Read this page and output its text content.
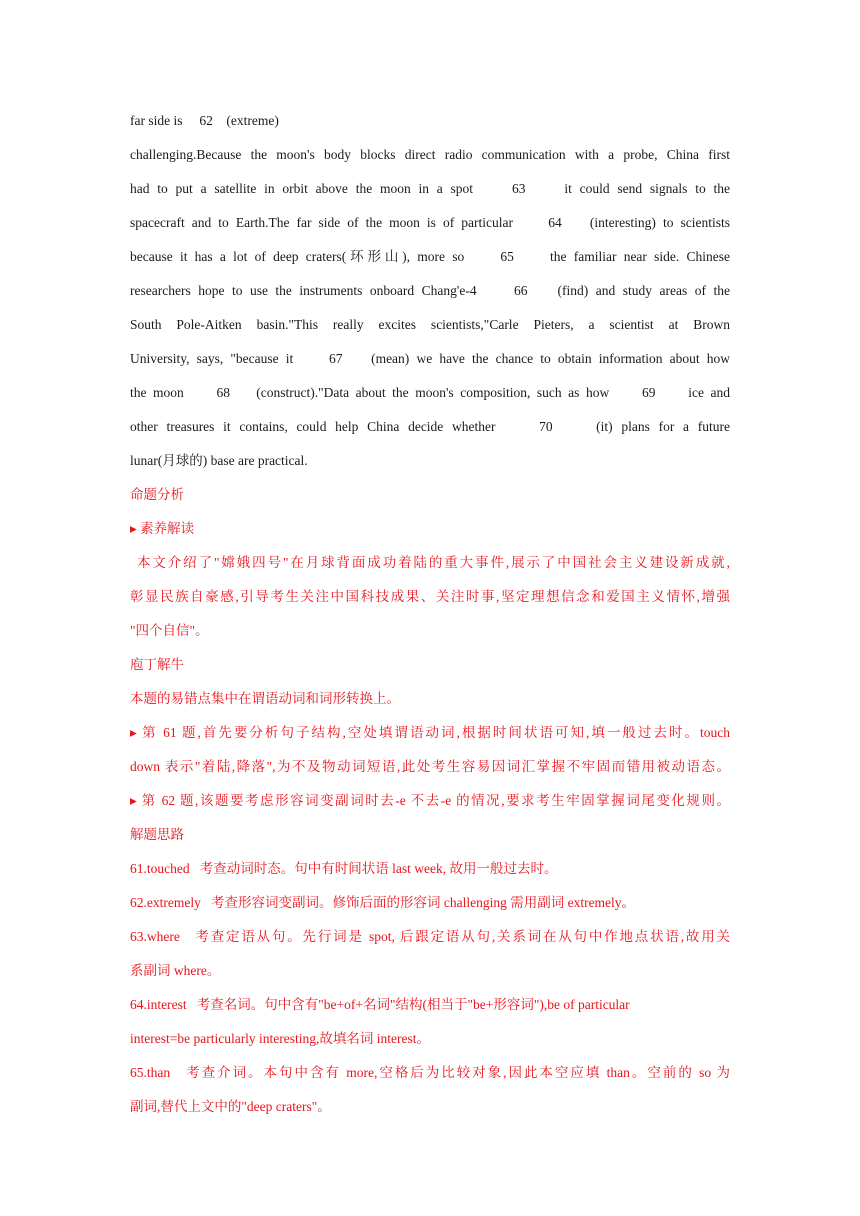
far side is     62    (extreme)
challenging.Because the moon's body blocks direct radio communication with a probe, China first
had to put a satellite in orbit above the moon in a spot     63     it could send signals to the
spacecraft and to Earth.The far side of the moon is of particular     64    (interesting) to scientists
because it has a lot of deep craters(环形山), more so     65     the familiar near side. Chinese
researchers hope to use the instruments onboard Chang'e-4     66    (find) and study areas of the
South Pole-Aitken basin."This really excites scientists,"Carle Pieters, a scientist at Brown
University, says, "because it     67    (mean) we have the chance to obtain information about how
the moon     68    (construct)."Data about the moon's composition, such as how     69     ice and
other treasures it contains, could help China decide whether     70     (it) plans for a future
lunar(月球的) base are practical.
命题分析
▸ 素养解读
本文介绍了"嫦娥四号"在月球背面成功着陆的重大事件,展示了中国社会主义建设新成就,
彰显民族自豪感,引导考生关注中国科技成果、关注时事,坚定理想信念和爱国主义情怀,增强
"四个自信"。
庖丁解牛
本题的易错点集中在谓语动词和词形转换上。
▸ 第 61 题,首先要分析句子结构,空处填谓语动词,根据时间状语可知,填一般过去时。touch
down 表示"着陆,降落",为不及物动词短语,此处考生容易因词汇掌握不牢固而错用被动语态。
▸ 第 62 题,该题要考虑形容词变副词时去-e 不去-e 的情况,要求考生牢固掌握词尾变化规则。
解题思路
61.touched   考查动词时态。句中有时间状语 last week, 故用一般过去时。
62.extremely   考查形容词变副词。修饰后面的形容词 challenging 需用副词 extremely。
63.where   考查定语从句。先行词是 spot, 后跟定语从句,关系词在从句中作地点状语,故用关
系副词 where。
64.interest   考查名词。句中含有"be+of+名词"结构(相当于"be+形容词"),be of particular
interest=be particularly interesting,故填名词 interest。
65.than   考查介词。本句中含有 more,空格后为比较对象,因此本空应填 than。空前的 so 为
副词,替代上文中的"deep craters"。
